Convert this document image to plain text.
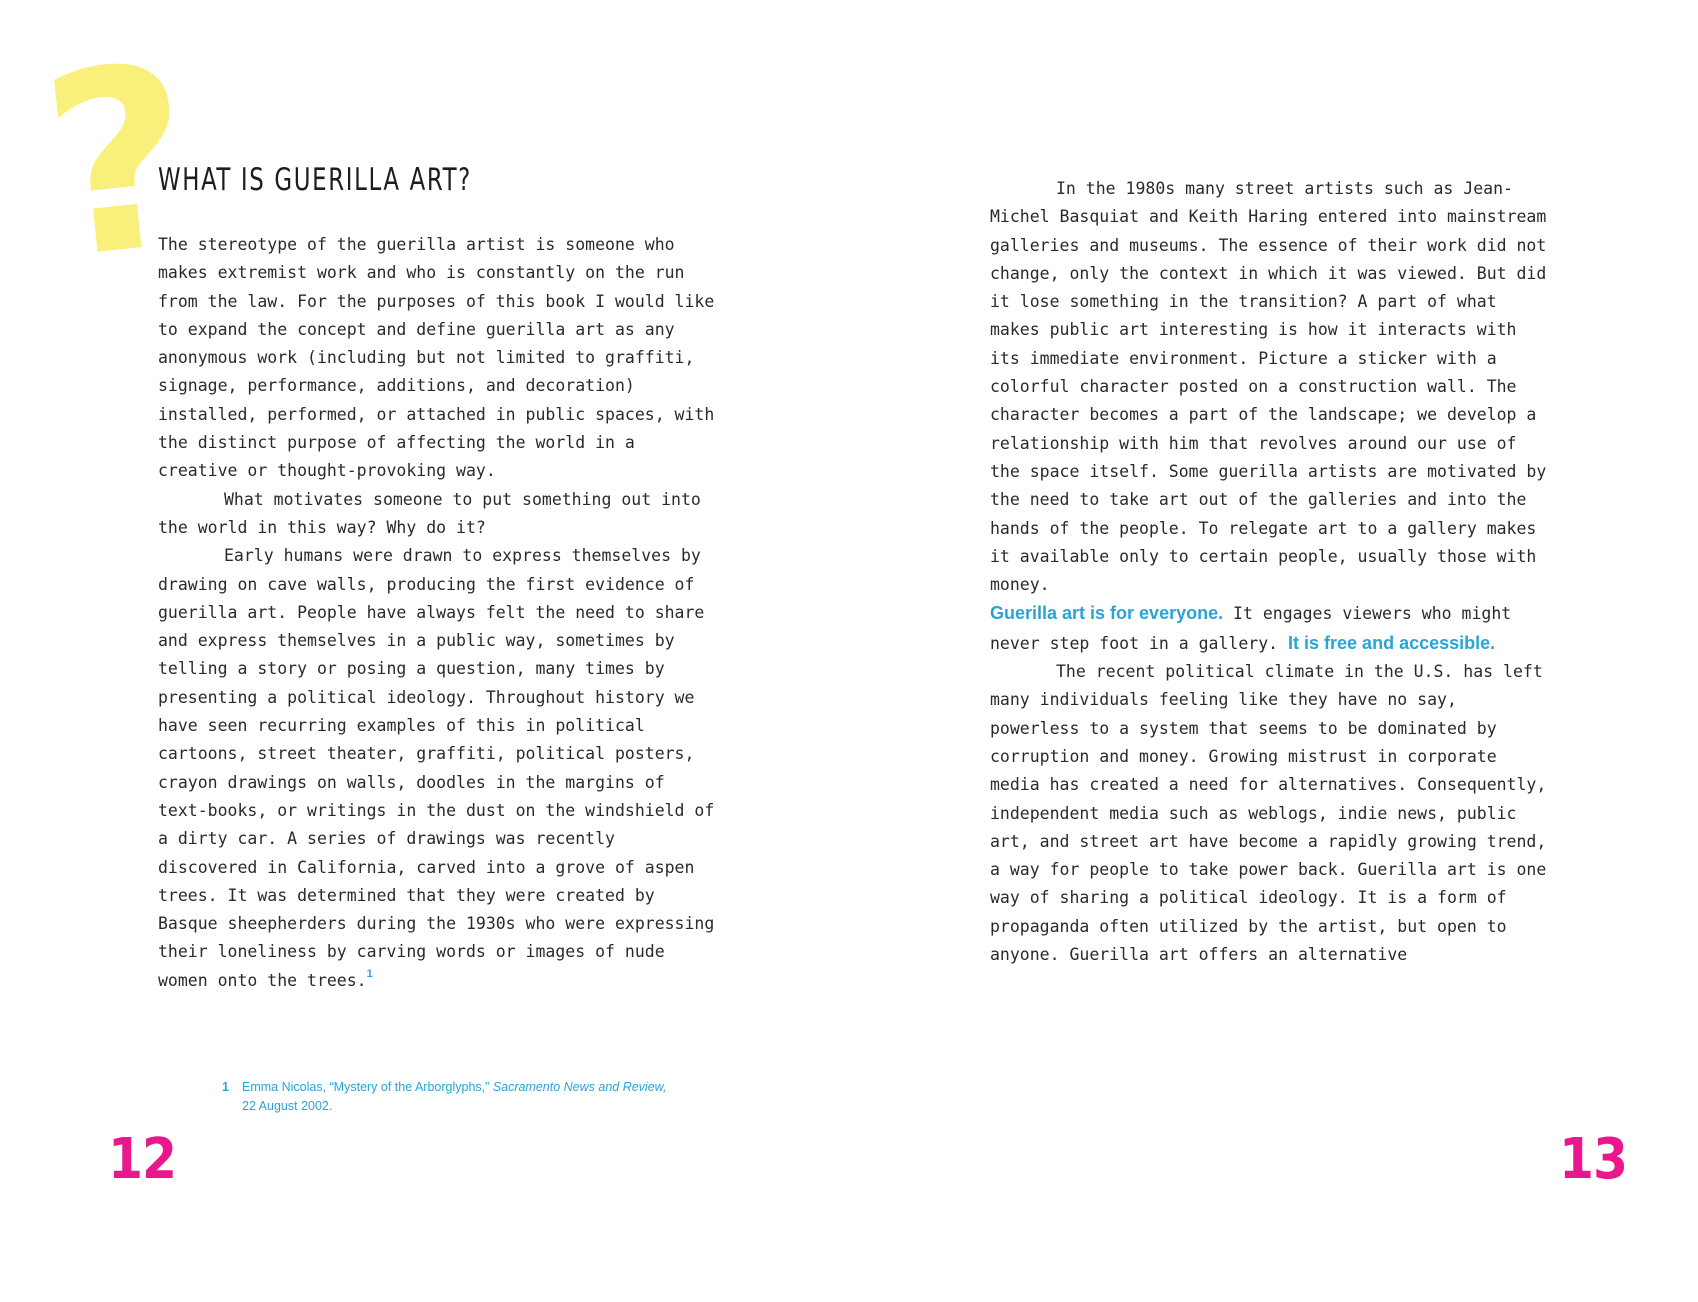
?
WHAT IS GUERILLA ART?

The stereotype of the guerilla artist is someone who makes extremist work and who is constantly on the run from the law. For the purposes of this book I would like to expand the concept and define guerilla art as any anonymous work (including but not limited to graffiti, signage, performance, additions, and decoration) installed, performed, or attached in public spaces, with the distinct purpose of affecting the world in a creative or thought-provoking way.

What motivates someone to put something out into the world in this way? Why do it?

Early humans were drawn to express themselves by drawing on cave walls, producing the first evidence of guerilla art. People have always felt the need to share and express themselves in a public way, sometimes by telling a story or posing a question, many times by presenting a political ideology. Throughout history we have seen recurring examples of this in political cartoons, street theater, graffiti, political posters, crayon drawings on walls, doodles in the margins of text-books, or writings in the dust on the windshield of a dirty car. A series of drawings was recently discovered in California, carved into a grove of aspen trees. It was determined that they were created by Basque sheepherders during the 1930s who were expressing their loneliness by carving words or images of nude women onto the trees.$^1$

1 Emma Nicolas, “Mystery of the Arborglyphs,” Sacramento News and Review,
22 August 2002.
12

In the 1980s many street artists such as Jean-Michel Basquiat and Keith Haring entered into mainstream galleries and museums. The essence of their work did not change, only the context in which it was viewed. But did it lose something in the transition? A part of what makes public art interesting is how it interacts with its immediate environment. Picture a sticker with a colorful character posted on a construction wall. The character becomes a part of the landscape; we develop a relationship with him that revolves around our use of the space itself. Some guerilla artists are motivated by the need to take art out of the galleries and into the hands of the people. To relegate art to a gallery makes it available only to certain people, usually those with money.
Guerilla art is for everyone. It engages viewers who might never step foot in a gallery. It is free and accessible.

The recent political climate in the U.S. has left many individuals feeling like they have no say, powerless to a system that seems to be dominated by corruption and money. Growing mistrust in corporate media has created a need for alternatives. Consequently, independent media such as weblogs, indie news, public art, and street art have become a rapidly growing trend, a way for people to take power back. Guerilla art is one way of sharing a political ideology. It is a form of propaganda often utilized by the artist, but open to anyone. Guerilla art offers an alternative

13
